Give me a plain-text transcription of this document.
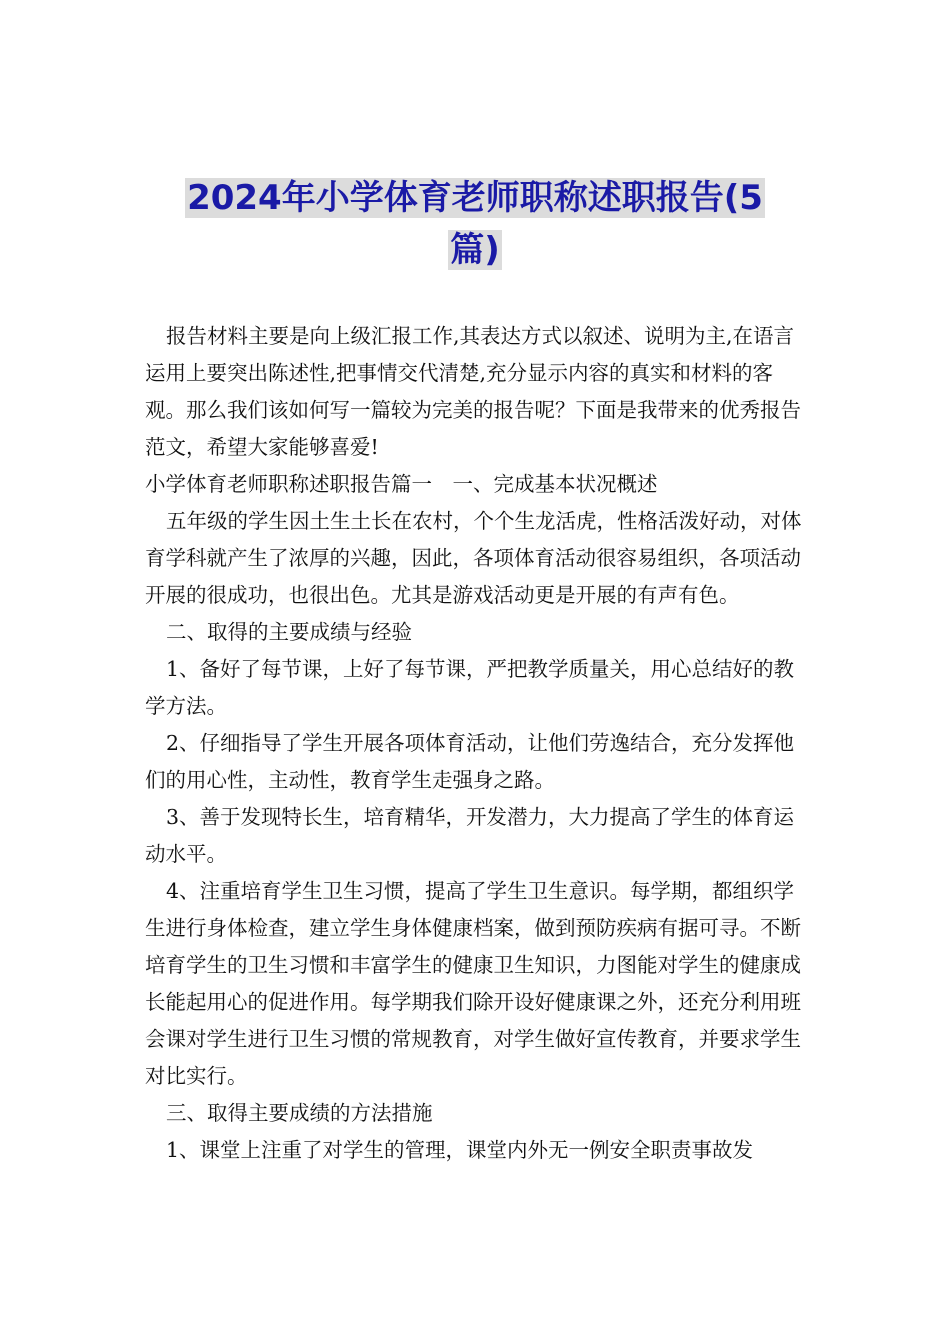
2024年小学体育老师职称述职报告(5
篇)

报告材料主要是向上级汇报工作,其表达方式以叙述、说明为主,在语言运用上要突出陈述性,把事情交代清楚,充分显示内容的真实和材料的客观。那么我们该如何写一篇较为完美的报告呢？下面是我带来的优秀报告范文，希望大家能够喜爱!

小学体育老师职称述职报告篇一　一、完成基本状况概述

五年级的学生因土生土长在农村，个个生龙活虎，性格活泼好动，对体育学科就产生了浓厚的兴趣，因此，各项体育活动很容易组织，各项活动开展的很成功，也很出色。尤其是游戏活动更是开展的有声有色。

二、取得的主要成绩与经验

1、备好了每节课，上好了每节课，严把教学质量关，用心总结好的教学方法。

2、仔细指导了学生开展各项体育活动，让他们劳逸结合，充分发挥他们的用心性，主动性，教育学生走强身之路。

3、善于发现特长生，培育精华，开发潜力，大力提高了学生的体育运动水平。

4、注重培育学生卫生习惯，提高了学生卫生意识。每学期，都组织学生进行身体检查，建立学生身体健康档案，做到预防疾病有据可寻。不断培育学生的卫生习惯和丰富学生的健康卫生知识，力图能对学生的健康成长能起用心的促进作用。每学期我们除开设好健康课之外，还充分利用班会课对学生进行卫生习惯的常规教育，对学生做好宣传教育，并要求学生对比实行。

三、取得主要成绩的方法措施

1、课堂上注重了对学生的管理，课堂内外无一例安全职责事故发
